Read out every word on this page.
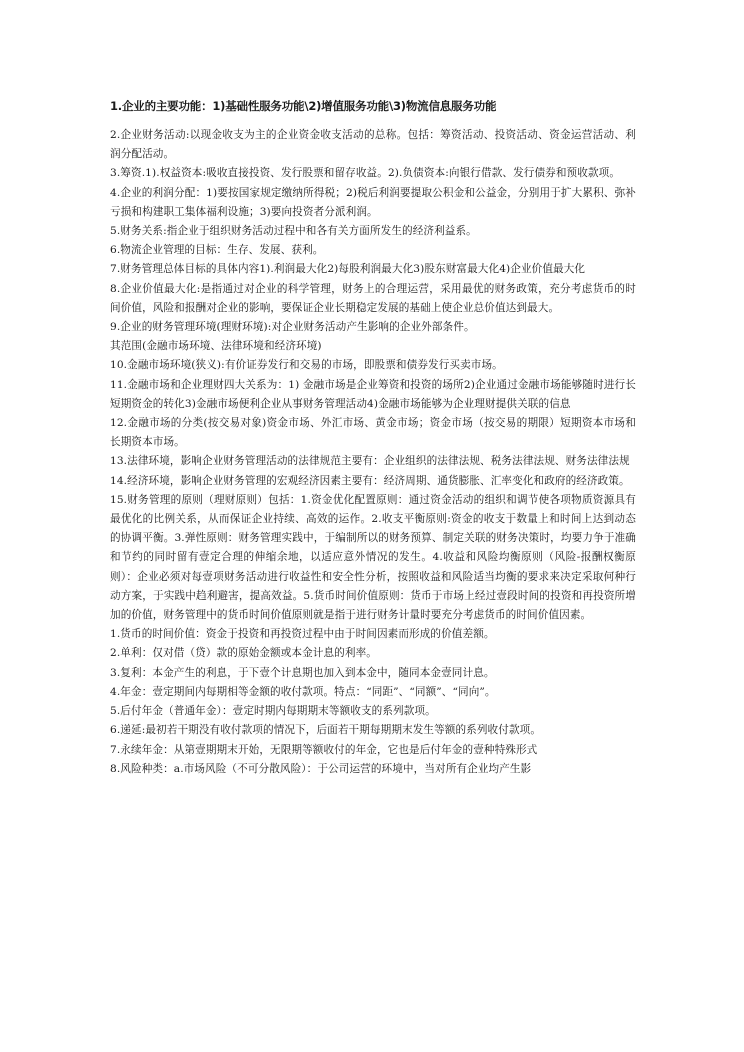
1.企业的主要功能：1)基础性服务功能\2)增值服务功能\3)物流信息服务功能

2.企业财务活动:以现金收支为主的企业资金收支活动的总称。包括：筹资活动、投资活动、资金运营活动、利润分配活动。

3.筹资.1).权益资本:吸收直接投资、发行股票和留存收益。2).负债资本:向银行借款、发行债券和预收款项。

4.企业的利润分配：1)要按国家规定缴纳所得税；2)税后利润要提取公积金和公益金，分别用于扩大累积、弥补亏损和构建职工集体福利设施；3)要向投资者分派利润。

5.财务关系:指企业于组织财务活动过程中和各有关方面所发生的经济利益系。

6.物流企业管理的目标：生存、发展、获利。

7.财务管理总体目标的具体内容1).利润最大化2)每股利润最大化3)股东财富最大化4)企业价值最大化

8.企业价值最大化:是指通过对企业的科学管理，财务上的合理运营，采用最优的财务政策，充分考虑货币的时间价值，风险和报酬对企业的影响，要保证企业长期稳定发展的基础上使企业总价值达到最大。

9.企业的财务管理环境(理财环境):对企业财务活动产生影响的企业外部条件。

其范围(金融市场环境、法律环境和经济环境)

10.金融市场环境(狭义):有价证券发行和交易的市场，即股票和债券发行买卖市场。

11.金融市场和企业理财四大关系为：1) 金融市场是企业筹资和投资的场所2)企业通过金融市场能够随时进行长短期资金的转化3)金融市场便利企业从事财务管理活动4)金融市场能够为企业理财提供关联的信息

12.金融市场的分类(按交易对象)资金市场、外汇市场、黄金市场；资金市场（按交易的期限）短期资本市场和长期资本市场。

13.法律环境，影响企业财务管理活动的法律规范主要有：企业组织的法律法规、税务法律法规、财务法律法规

14.经济环境，影响企业财务管理的宏观经济因素主要有：经济周期、通货膨胀、汇率变化和政府的经济政策。

15.财务管理的原则（理财原则）包括：1.资金优化配置原则：通过资金活动的组织和调节使各项物质资源具有最优化的比例关系，从而保证企业持续、高效的运作。2.收支平衡原则:资金的收支于数量上和时间上达到动态的协调平衡。3.弹性原则：财务管理实践中，于编制所以的财务预算、制定关联的财务决策时，均要力争于准确和节约的同时留有壹定合理的伸缩余地，以适应意外情况的发生。4.收益和风险均衡原则（风险-报酬权衡原则）：企业必须对每壹项财务活动进行收益性和安全性分析，按照收益和风险适当均衡的要求来决定采取何种行动方案，于实践中趋利避害，提高效益。5.货币时间价值原则：货币于市场上经过壹段时间的投资和再投资所增加的价值，财务管理中的货币时间价值原则就是指于进行财务计量时要充分考虑货币的时间价值因素。

1.货币的时间价值：资金于投资和再投资过程中由于时间因素而形成的价值差额。

2.单利：仅对借（贷）款的原始金额或本金计息的利率。

3.复利：本金产生的利息，于下壹个计息期也加入到本金中，随同本金壹同计息。

4.年金：壹定期间内每期相等金额的收付款项。特点：“同距”、“同额”、“同向”。

5.后付年金（普通年金）：壹定时期内每期期末等额收支的系列款项。

6.递延:最初若干期没有收付款项的情况下，后面若干期每期期末发生等额的系列收付款项。

7.永续年金：从第壹期期末开始，无限期等额收付的年金，它也是后付年金的壹种特殊形式

8.风险种类：a.市场风险（不可分散风险）：于公司运营的环境中，当对所有企业均产生影
